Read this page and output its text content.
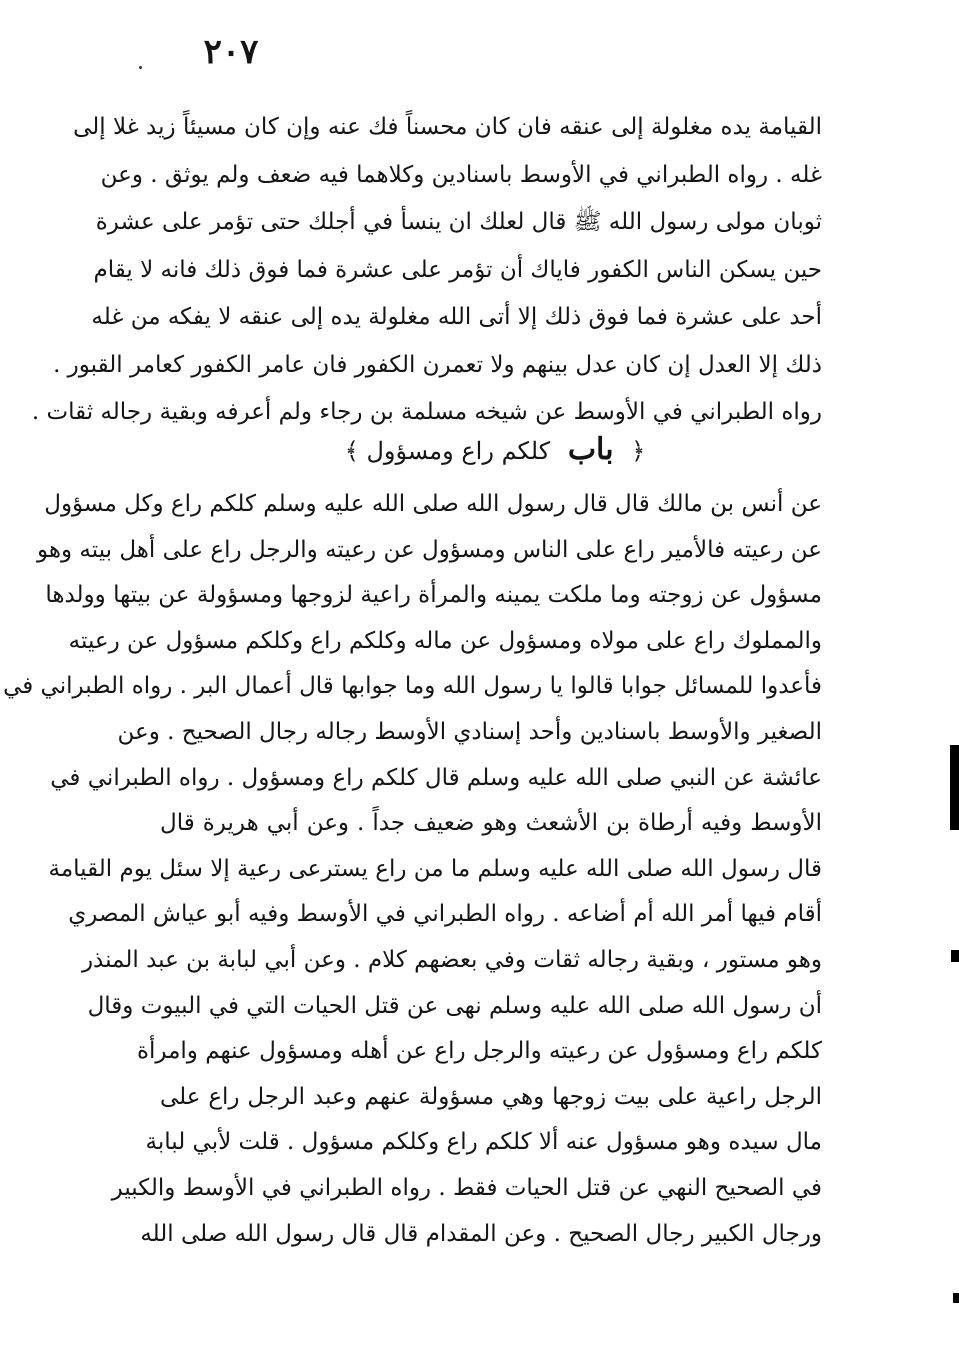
٢٠٧
القيامة يده مغلولة إلى عنقه فان كان محسناً فك عنه وإن كان مسيئاً زيد غلا إلى
غله . رواه الطبراني في الأوسط باسنادين وكلاهما فيه ضعف ولم يوثق . وعن
ثوبان مولى رسول الله ﷺ قال لعلك ان ينسأ في أجلك حتى تؤمر على عشرة
حين يسكن الناس الكفور فاياك أن تؤمر على عشرة فما فوق ذلك فانه لا يقام
أحد على عشرة فما فوق ذلك إلا أتى الله مغلولة يده إلى عنقه لا يفكه من غله
ذلك إلا العدل إن كان عدل بينهم ولا تعمرن الكفور فان عامر الكفور كعامر القبور .
رواه الطبراني في الأوسط عن شيخه مسلمة بن رجاء ولم أعرفه وبقية رجاله ثقات .
﴿ باب كلكم راع ومسؤول ﴾
عن أنس بن مالك قال قال رسول الله صلى الله عليه وسلم كلكم راع وكل مسؤول
عن رعيته فالأمير راع على الناس ومسؤول عن رعيته والرجل راع على أهل بيته وهو
مسؤول عن زوجته وما ملكت يمينه والمرأة راعية لزوجها ومسؤولة عن بيتها وولدها
والمملوك راع على مولاه ومسؤول عن ماله وكلكم راع وكلكم مسؤول عن رعيته
فأعدوا للمسائل جوابا قالوا يا رسول الله وما جوابها قال أعمال البر . رواه الطبراني في
الصغير والأوسط باسنادين وأحد إسنادي الأوسط رجاله رجال الصحيح . وعن
عائشة عن النبي صلى الله عليه وسلم قال كلكم راع ومسؤول . رواه الطبراني في
الأوسط وفيه أرطاة بن الأشعث وهو ضعيف جداً . وعن أبي هريرة قال
قال رسول الله صلى الله عليه وسلم ما من راع يسترعى رعية إلا سئل يوم القيامة
أقام فيها أمر الله أم أضاعه . رواه الطبراني في الأوسط وفيه أبو عياش المصري
وهو مستور ، وبقية رجاله ثقات وفي بعضهم كلام . وعن أبي لبابة بن عبد المنذر
أن رسول الله صلى الله عليه وسلم نهى عن قتل الحيات التي في البيوت وقال
كلكم راع ومسؤول عن رعيته والرجل راع عن أهله ومسؤول عنهم وامرأة
الرجل راعية على بيت زوجها وهي مسؤولة عنهم وعبد الرجل راع على
مال سيده وهو مسؤول عنه ألا كلكم راع وكلكم مسؤول . قلت لأبي لبابة
في الصحيح النهي عن قتل الحيات فقط . رواه الطبراني في الأوسط والكبير
ورجال الكبير رجال الصحيح . وعن المقدام قال قال رسول الله صلى الله
